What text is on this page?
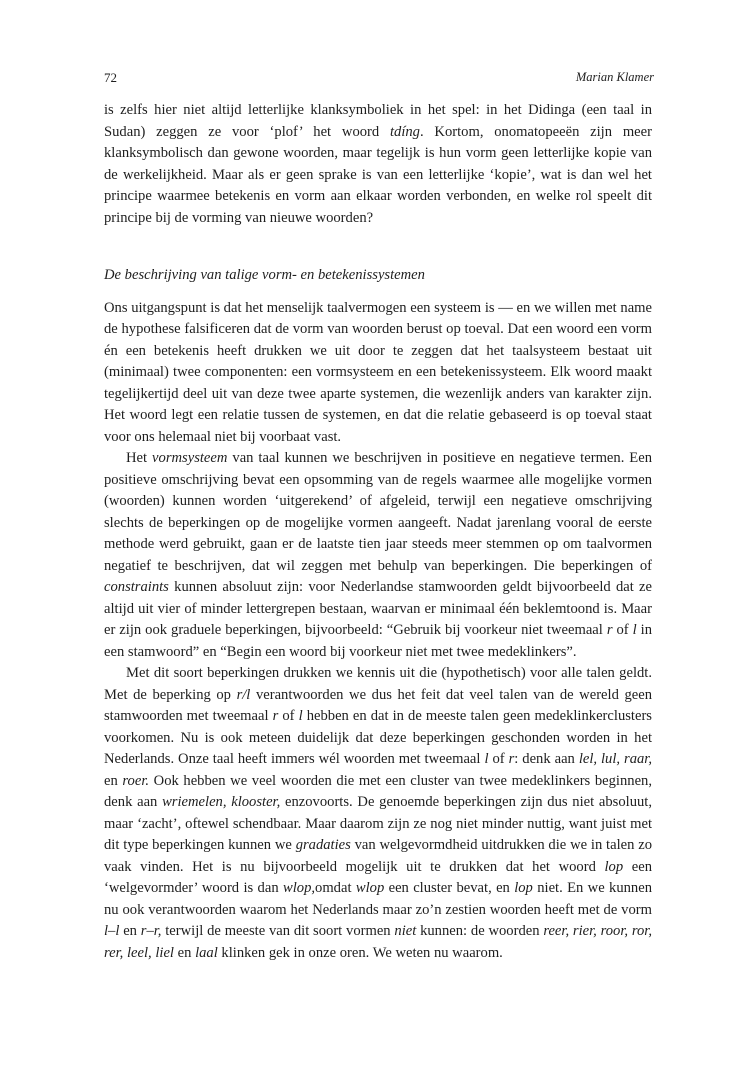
72	Marian Klamer

is zelfs hier niet altijd letterlijke klanksymboliek in het spel: in het Didinga (een taal in Sudan) zeggen ze voor ‘plof’ het woord tdíng. Kortom, onomatopeeën zijn meer klanksymbolisch dan gewone woorden, maar tegelijk is hun vorm geen letterlijke kopie van de werkelijkheid. Maar als er geen sprake is van een letterlijke ‘kopie’, wat is dan wel het principe waarmee betekenis en vorm aan elkaar worden verbonden, en welke rol speelt dit principe bij de vorming van nieuwe woorden?

De beschrijving van talige vorm- en betekenissystemen

Ons uitgangspunt is dat het menselijk taalvermogen een systeem is — en we willen met name de hypothese falsificeren dat de vorm van woorden berust op toeval. Dat een woord een vorm én een betekenis heeft drukken we uit door te zeggen dat het taalsysteem bestaat uit (minimaal) twee componenten: een vormsysteem en een betekenissysteem. Elk woord maakt tegelijkertijd deel uit van deze twee aparte systemen, die wezenlijk anders van karakter zijn. Het woord legt een relatie tussen de systemen, en dat die relatie gebaseerd is op toeval staat voor ons helemaal niet bij voorbaat vast.

Het vormsysteem van taal kunnen we beschrijven in positieve en negatieve termen. Een positieve omschrijving bevat een opsomming van de regels waarmee alle mogelijke vormen (woorden) kunnen worden ‘uitgerekend’ of afgeleid, terwijl een negatieve omschrijving slechts de beperkingen op de mogelijke vormen aangeeft. Nadat jarenlang vooral de eerste methode werd gebruikt, gaan er de laatste tien jaar steeds meer stemmen op om taalvormen negatief te beschrijven, dat wil zeggen met behulp van beperkingen. Die beperkingen of constraints kunnen absoluut zijn: voor Nederlandse stamwoorden geldt bijvoorbeeld dat ze altijd uit vier of minder lettergrepen bestaan, waarvan er minimaal één beklemtoond is. Maar er zijn ook graduele beperkingen, bijvoorbeeld: “Gebruik bij voorkeur niet tweemaal r of l in een stamwoord” en “Begin een woord bij voorkeur niet met twee medeklinkers”.

Met dit soort beperkingen drukken we kennis uit die (hypothetisch) voor alle talen geldt. Met de beperking op r/l verantwoorden we dus het feit dat veel talen van de wereld geen stamwoorden met tweemaal r of l hebben en dat in de meeste talen geen medeklinkerclusters voorkomen. Nu is ook meteen duidelijk dat deze beperkingen geschonden worden in het Nederlands. Onze taal heeft immers wél woorden met tweemaal l of r: denk aan lel, lul, raar, en roer. Ook hebben we veel woorden die met een cluster van twee medeklinkers beginnen, denk aan wriemelen, klooster, enzovoorts. De genoemde beperkingen zijn dus niet absoluut, maar ‘zacht’, oftewel schendbaar. Maar daarom zijn ze nog niet minder nuttig, want juist met dit type beperkingen kunnen we gradaties van welgevormdheid uitdrukken die we in talen zo vaak vinden. Het is nu bijvoorbeeld mogelijk uit te drukken dat het woord lop een ‘welgevormder’ woord is dan wlop,omdat wlop een cluster bevat, en lop niet. En we kunnen nu ook verantwoorden waarom het Nederlands maar zo’n zestien woorden heeft met de vorm l–l en r–r, terwijl de meeste van dit soort vormen niet kunnen: de woorden reer, rier, roor, ror, rer, leel, liel en laal klinken gek in onze oren. We weten nu waarom.
